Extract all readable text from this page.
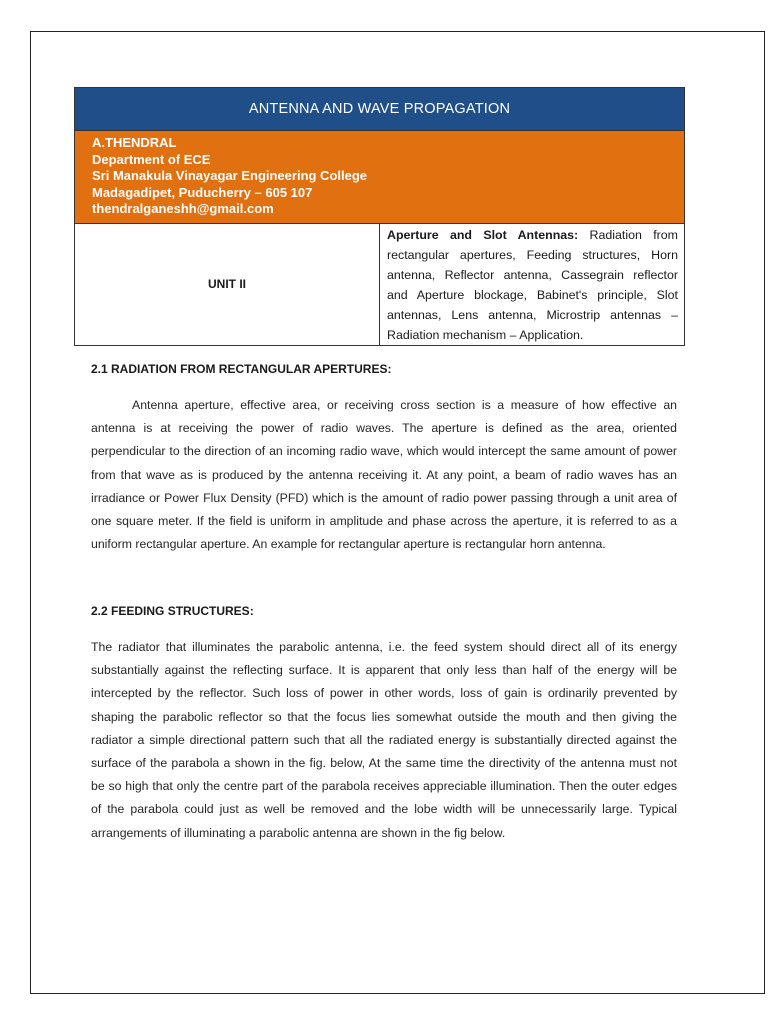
ANTENNA AND WAVE PROPAGATION

A.THENDRAL
Department of ECE
Sri Manakula Vinayagar Engineering College
Madagadipet, Puducherry – 605 107
thendralganeshh@gmail.com

UNIT II	Aperture and Slot Antennas: Radiation from rectangular apertures, Feeding structures, Horn antenna, Reflector antenna, Cassegrain reflector and Aperture blockage, Babinet's principle, Slot antennas, Lens antenna, Microstrip antennas – Radiation mechanism – Application.
2.1 RADIATION FROM RECTANGULAR APERTURES:

Antenna aperture, effective area, or receiving cross section is a measure of how effective an antenna is at receiving the power of radio waves. The aperture is defined as the area, oriented perpendicular to the direction of an incoming radio wave, which would intercept the same amount of power from that wave as is produced by the antenna receiving it. At any point, a beam of radio waves has an irradiance or Power Flux Density (PFD) which is the amount of radio power passing through a unit area of one square meter. If the field is uniform in amplitude and phase across the aperture, it is referred to as a uniform rectangular aperture. An example for rectangular aperture is rectangular horn antenna.

2.2 FEEDING STRUCTURES:

The radiator that illuminates the parabolic antenna, i.e. the feed system should direct all of its energy substantially against the reflecting surface. It is apparent that only less than half of the energy will be intercepted by the reflector. Such loss of power in other words, loss of gain is ordinarily prevented by shaping the parabolic reflector so that the focus lies somewhat outside the mouth and then giving the radiator a simple directional pattern such that all the radiated energy is substantially directed against the surface of the parabola a shown in the fig. below, At the same time the directivity of the antenna must not be so high that only the centre part of the parabola receives appreciable illumination. Then the outer edges of the parabola could just as well be removed and the lobe width will be unnecessarily large. Typical arrangements of illuminating a parabolic antenna are shown in the fig below.
